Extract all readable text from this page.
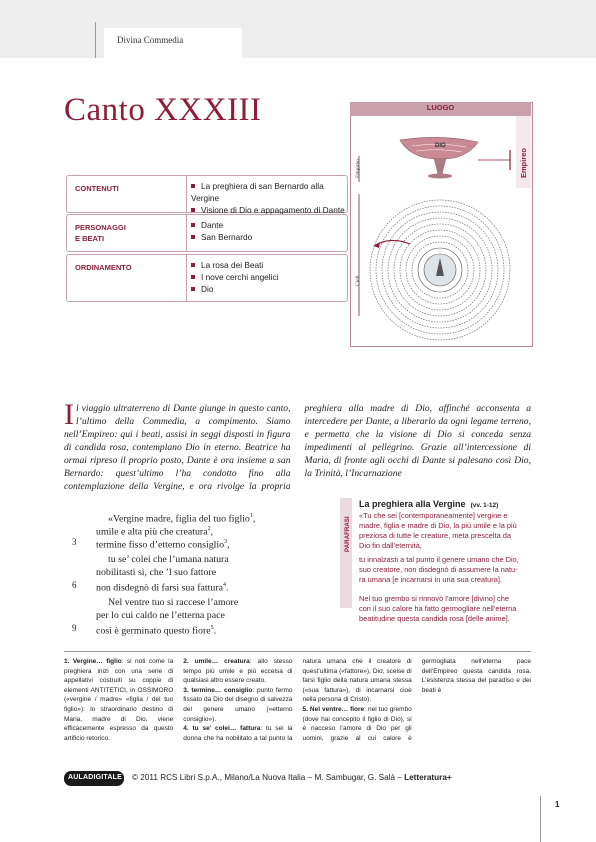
Divina Commedia
Canto XXXIII
CONTENUTI	La preghiera di san Bernardo alla Vergine
Visione di Dio e appagamento di Dante
PERSONAGGI
E BEATI
Dante
San Bernardo
ORDINAMENTO	La rosa dei Beati
I nove cerchi angelici
Dio
LUOGO
DIO
Empireo
Empireo
Cieli
Il viaggio ultraterreno di Dante giunge in questo canto, l’ultimo della Commedia, a compimento. Siamo nell’Empireo: qui i beati, assisi in seggi disposti in figura di candida rosa, contemplano Dio in eterno. Beatrice ha ormai ripreso il proprio posto, Dante è ora insieme a san Bernardo: quest’ultimo l’ha condotto fino alla contemplazione della Vergine, e ora rivolge la propria preghiera alla madre di Dio, affinché acconsenta a intercedere per Dante, a liberarlo da ogni legame terreno, e permetta che la visione di Dio si conceda senza impedimenti al pellegrino. Grazie all’intercessione di Maria, di fronte agli occhi di Dante si palesano così Dio, la Trinità, l’Incarnazione
«Vergine madre, figlia del tuo figlio$^1$,
umile e alta più che creatura$^2$,
termine fisso d’etterno consiglio$^3$,
3
tu se’ colei che l’umana natura
nobilitasti sì, che ’l suo fattore
non disdegnò di farsi sua fattura$^4$.
6
Nel ventre tuo si raccese l’amore
per lo cui caldo ne l’etterna pace
così è germinato questo fiore$^5$.
9
PARAFRASI
La preghiera alla Vergine (vv. 1-12)
«Tu che sei [contemporaneamente] vergine e
madre, figlia e madre di Dio, la più umile e la più
preziosa di tutte le creature, meta prescelta da
Dio fin dall’eternità,
tu innalzasti a tal punto il genere umano che Dio,
suo creatore, non disdegnò di assumere la natu-
ra umana [e incarnarsi in una sua creatura].
Nel tuo grembo si rinnovò l’amore [divino] che
con il suo calore ha fatto germogliare nell’eterna
beatitudine questa candida rosa [delle anime].
1. Vergine… figlio: si noti come la preghiera inizi con una serie di appellativi costruiti su coppie di elementi ANTITETICI, in OSSIMORO («vergine / madre» «figlia / del tuo figlio»): lo straordinario destino di Maria, madre di Dio, viene efficacemente espresso da questo artificio retorico.
2. umile… creatura: allo stesso tempo più umile e più eccelsa di qualsiasi altro essere creato.
3. termine… consiglio: punto fermo fissato da Dio del disegno di salvezza del genere umano («etterno consiglio»).
4. tu se’ colei… fattura: tu sei la donna che ha nobilitato a tal punto la natura umana che il creatore di quest’ultima («fattore»), Dio, scelse di farsi figlio della natura umana stessa («sua fattura»), di incarnarsi cioè nella persona di Cristo).
5. Nel ventre… fiore: nel tuo grembo (dove hai concepito il figlio di Dio), si è riacceso l’amore di Dio per gli uomini, grazie al cui calore è germogliata nell’eterna pace dell’Empireo questa candida rosa. L’esistenza stessa del paradiso e dei beati è
AULADIGITALE © 2011 RCS Libri S.p.A., Milano/La Nuova Italia – M. Sambugar, G. Salà – Letteratura+
1
